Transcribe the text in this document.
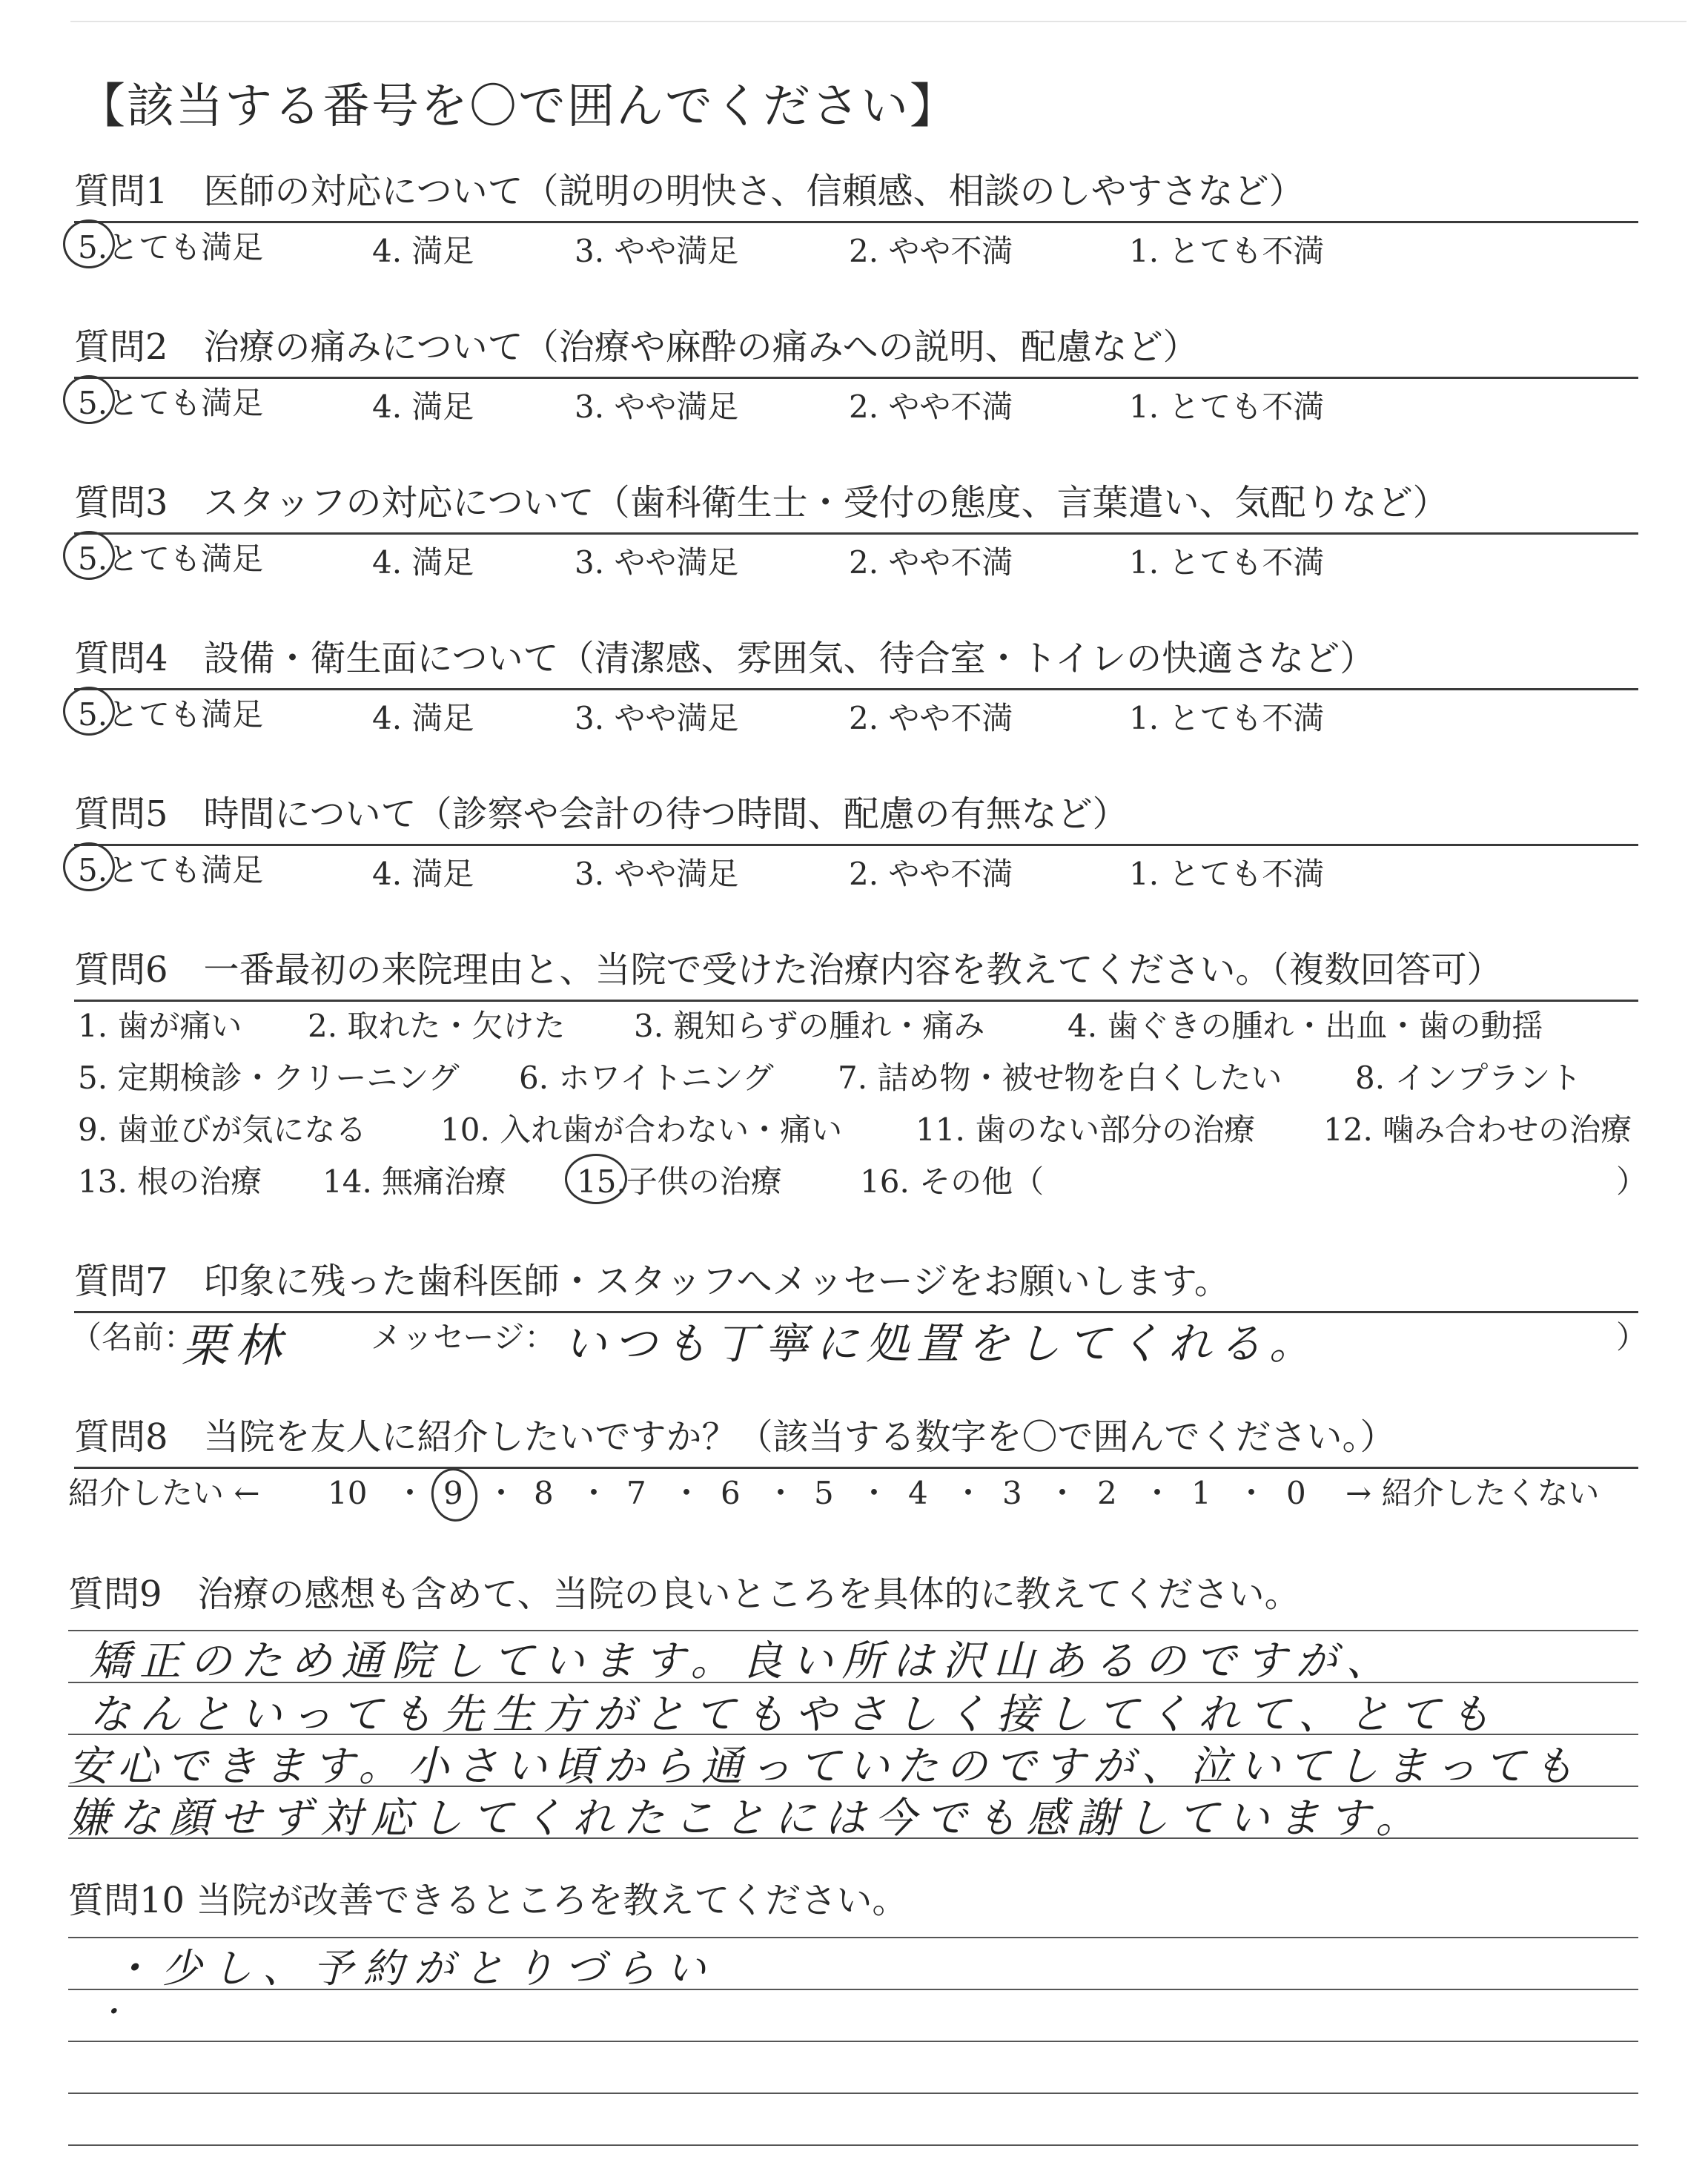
【該当する番号を〇で囲んでください】
質問1　医師の対応について（説明の明快さ、信頼感、相談のしやすさなど）
5.とても満足	4. 満足	3. やや満足	2. やや不満	1. とても不満
質問2　治療の痛みについて（治療や麻酔の痛みへの説明、配慮など）
5.とても満足	4. 満足	3. やや満足	2. やや不満	1. とても不満
質問3　スタッフの対応について（歯科衛生士・受付の態度、言葉遣い、気配りなど）
5.とても満足	4. 満足	3. やや満足	2. やや不満	1. とても不満
質問4　設備・衛生面について（清潔感、雰囲気、待合室・トイレの快適さなど）
5.とても満足	4. 満足	3. やや満足	2. やや不満	1. とても不満
質問5　時間について（診察や会計の待つ時間、配慮の有無など）
5.とても満足	4. 満足	3. やや満足	2. やや不満	1. とても不満
質問6　一番最初の来院理由と、当院で受けた治療内容を教えてください。（複数回答可）
1. 歯が痛い 2. 取れた・欠けた 3. 親知らずの腫れ・痛み	4. 歯ぐきの腫れ・出血・歯の動揺
5. 定期検診・クリーニング 6. ホワイトニング 7. 詰め物・被せ物を白くしたい 8. インプラント
9. 歯並びが気になる 10. 入れ歯が合わない・痛い 11. 歯のない部分の治療 12. 噛み合わせの治療
13. 根の治療 14. 無痛治療 15.子供の治療	16. その他（	）
質問7　印象に残った歯科医師・スタッフへメッセージをお願いします。
（名前：
栗林	メッセージ： いつも丁寧に処置をしてくれる。	）
質問8　当院を友人に紹介したいですか？（該当する数字を〇で囲んでください。）
紹介したい ← 10 ・ 9 ・ 8 ・ 7 ・ 6 ・ 5 ・ 4 ・ 3 ・ 2 ・ 1 ・ 0 → 紹介したくない
質問9　治療の感想も含めて、当院の良いところを具体的に教えてください。
矯正のため通院しています。良い所は沢山あるのですが、
なんといっても先生方がとてもやさしく接してくれて、とても
安心できます。小さい頃から通っていたのですが、泣いてしまっても
嫌な顔せず対応してくれたことには今でも感謝しています。
質問10 当院が改善できるところを教えてください。
・少し、予約がとりづらい
・
